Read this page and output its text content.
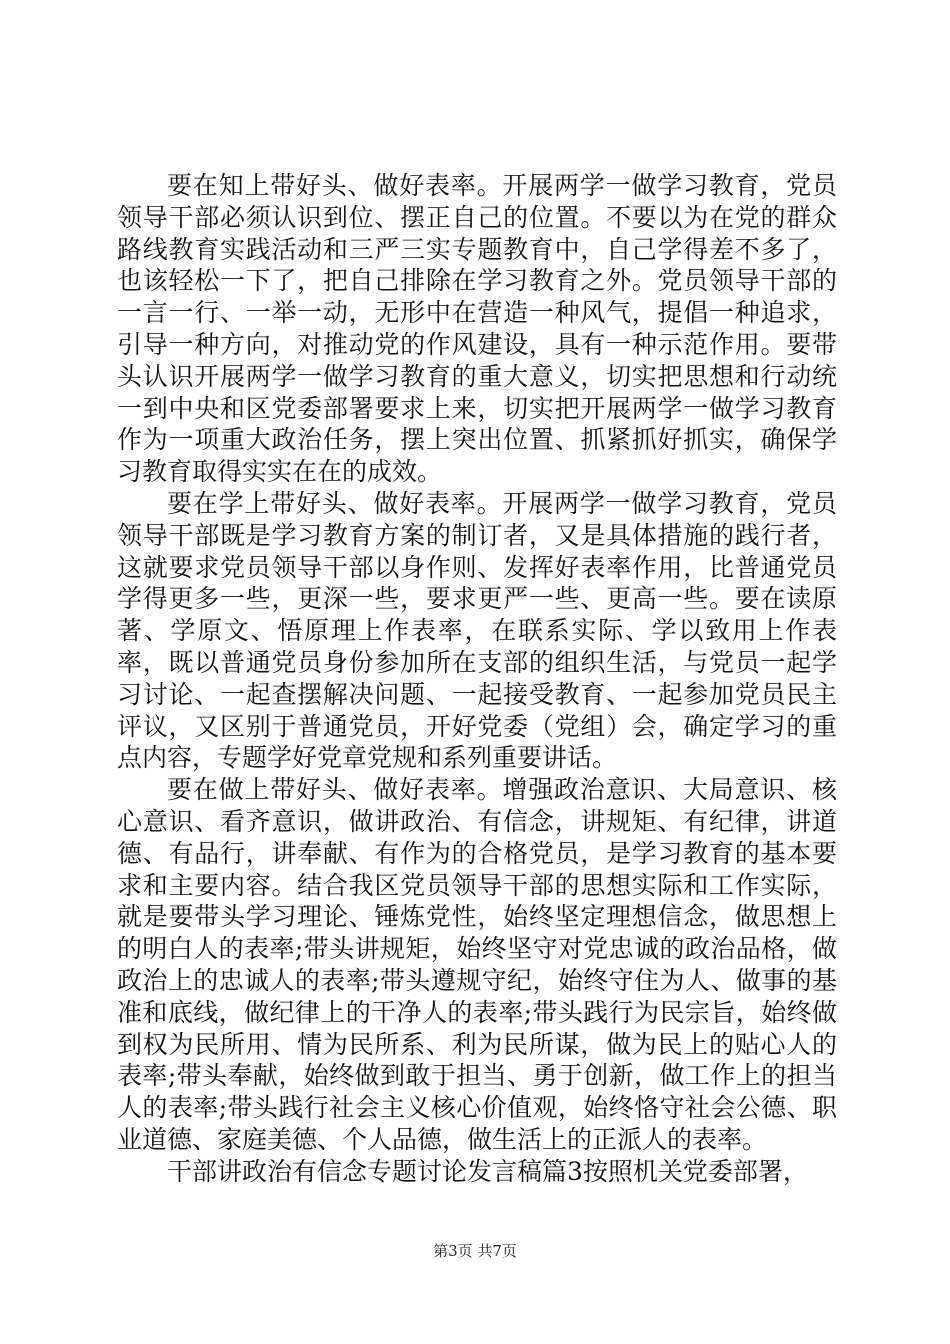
要在知上带好头、做好表率。开展两学一做学习教育，党员领导干部必须认识到位、摆正自己的位置。不要以为在党的群众路线教育实践活动和三严三实专题教育中，自己学得差不多了，也该轻松一下了，把自己排除在学习教育之外。党员领导干部的一言一行、一举一动，无形中在营造一种风气，提倡一种追求，引导一种方向，对推动党的作风建设，具有一种示范作用。要带头认识开展两学一做学习教育的重大意义，切实把思想和行动统一到中央和区党委部署要求上来，切实把开展两学一做学习教育作为一项重大政治任务，摆上突出位置、抓紧抓好抓实，确保学习教育取得实实在在的成效。

要在学上带好头、做好表率。开展两学一做学习教育，党员领导干部既是学习教育方案的制订者，又是具体措施的践行者，这就要求党员领导干部以身作则、发挥好表率作用，比普通党员学得更多一些，更深一些，要求更严一些、更高一些。要在读原著、学原文、悟原理上作表率，在联系实际、学以致用上作表率，既以普通党员身份参加所在支部的组织生活，与党员一起学习讨论、一起查摆解决问题、一起接受教育、一起参加党员民主评议，又区别于普通党员，开好党委（党组）会，确定学习的重点内容，专题学好党章党规和系列重要讲话。

要在做上带好头、做好表率。增强政治意识、大局意识、核心意识、看齐意识，做讲政治、有信念，讲规矩、有纪律，讲道德、有品行，讲奉献、有作为的合格党员，是学习教育的基本要求和主要内容。结合我区党员领导干部的思想实际和工作实际，就是要带头学习理论、锤炼党性，始终坚定理想信念，做思想上的明白人的表率;带头讲规矩，始终坚守对党忠诚的政治品格，做政治上的忠诚人的表率;带头遵规守纪，始终守住为人、做事的基准和底线，做纪律上的干净人的表率;带头践行为民宗旨，始终做到权为民所用、情为民所系、利为民所谋，做为民上的贴心人的表率;带头奉献，始终做到敢于担当、勇于创新，做工作上的担当人的表率;带头践行社会主义核心价值观，始终恪守社会公德、职业道德、家庭美德、个人品德，做生活上的正派人的表率。

干部讲政治有信念专题讨论发言稿篇3按照机关党委部署，

第3页 共7页
